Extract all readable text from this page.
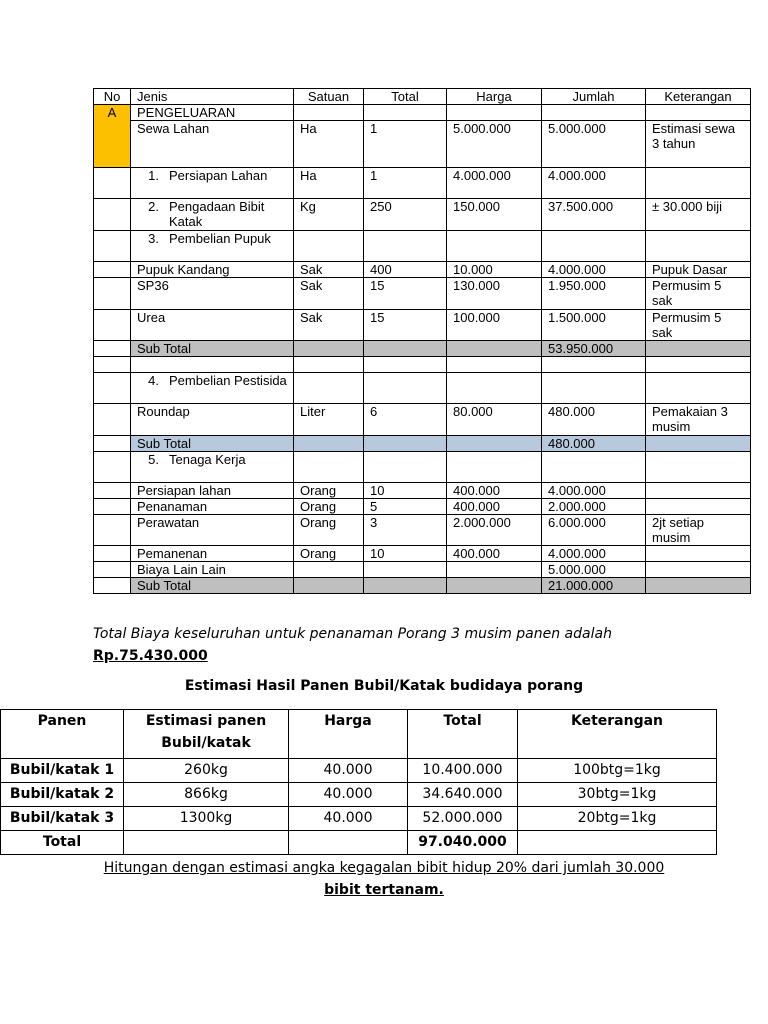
No	Jenis	Satuan	Total	Harga	Jumlah	Keterangan
A	PENGELUARAN					
	Sewa Lahan	Ha	1	5.000.000	5.000.000	Estimasi sewa 3 tahun

	1. Persiapan Lahan	Ha	1	4.000.000	4.000.000	

	2. Pengadaan Bibit Katak	Kg	250	150.000	37.500.000	± 30.000 biji

	3. Pembelian Pupuk					

	Pupuk Kandang	Sak	400	10.000	4.000.000	Pupuk Dasar
	SP36	Sak	15	130.000	1.950.000	Permusim 5 sak
	Urea	Sak	15	100.000	1.500.000	Permusim 5 sak
	Sub Total				53.950.000	

	4. Pembelian Pestisida					

	Roundap	Liter	6	80.000	480.000	Pemakaian 3 musim
	Sub Total				480.000	

	5. Tenaga Kerja					

	Persiapan lahan	Orang	10	400.000	4.000.000	
	Penanaman	Orang	5	400.000	2.000.000	
	Perawatan	Orang	3	2.000.000	6.000.000	2jt setiap musim
	Pemanenan	Orang	10	400.000	4.000.000	
	Biaya Lain Lain				5.000.000	
	Sub Total				21.000.000	
Total Biaya keseluruhan untuk penanaman Porang 3 musim panen adalah
Rp.75.430.000
Estimasi Hasil Panen Bubil/Katak budidaya porang
Panen	Estimasi panen Bubil/katak	Harga	Total	Keterangan
Bubil/katak 1	260kg	40.000	10.400.000	100btg=1kg
Bubil/katak 2	866kg	40.000	34.640.000	30btg=1kg
Bubil/katak 3	1300kg	40.000	52.000.000	20btg=1kg
Total			97.040.000	
Hitungan dengan estimasi angka kegagalan bibit hidup 20% dari jumlah 30.000
bibit tertanam.
